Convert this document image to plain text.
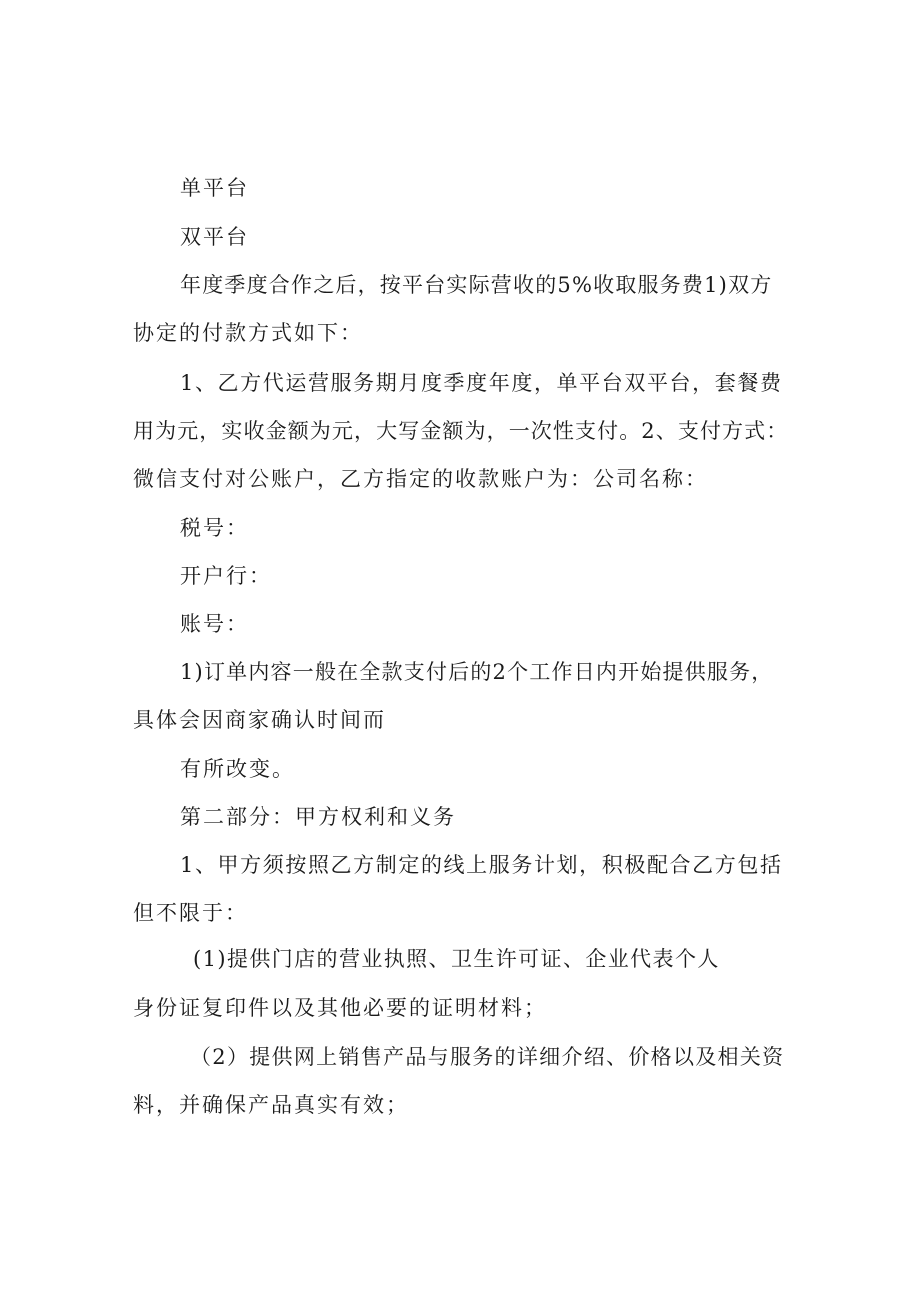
单平台
双平台
年度季度合作之后，按平台实际营收的5%收取服务费1)双方
协定的付款方式如下：
1、乙方代运营服务期月度季度年度，单平台双平台，套餐费
用为元，实收金额为元，大写金额为，一次性支付。2、支付方式：
微信支付对公账户，乙方指定的收款账户为：公司名称：
税号：
开户行：
账号：
1)订单内容一般在全款支付后的2个工作日内开始提供服务，
具体会因商家确认时间而
有所改变。
第二部分：甲方权利和义务
1、甲方须按照乙方制定的线上服务计划，积极配合乙方包括
但不限于：
(1)提供门店的营业执照、卫生许可证、企业代表个人
身份证复印件以及其他必要的证明材料；
（2）提供网上销售产品与服务的详细介绍、价格以及相关资
料，并确保产品真实有效；
